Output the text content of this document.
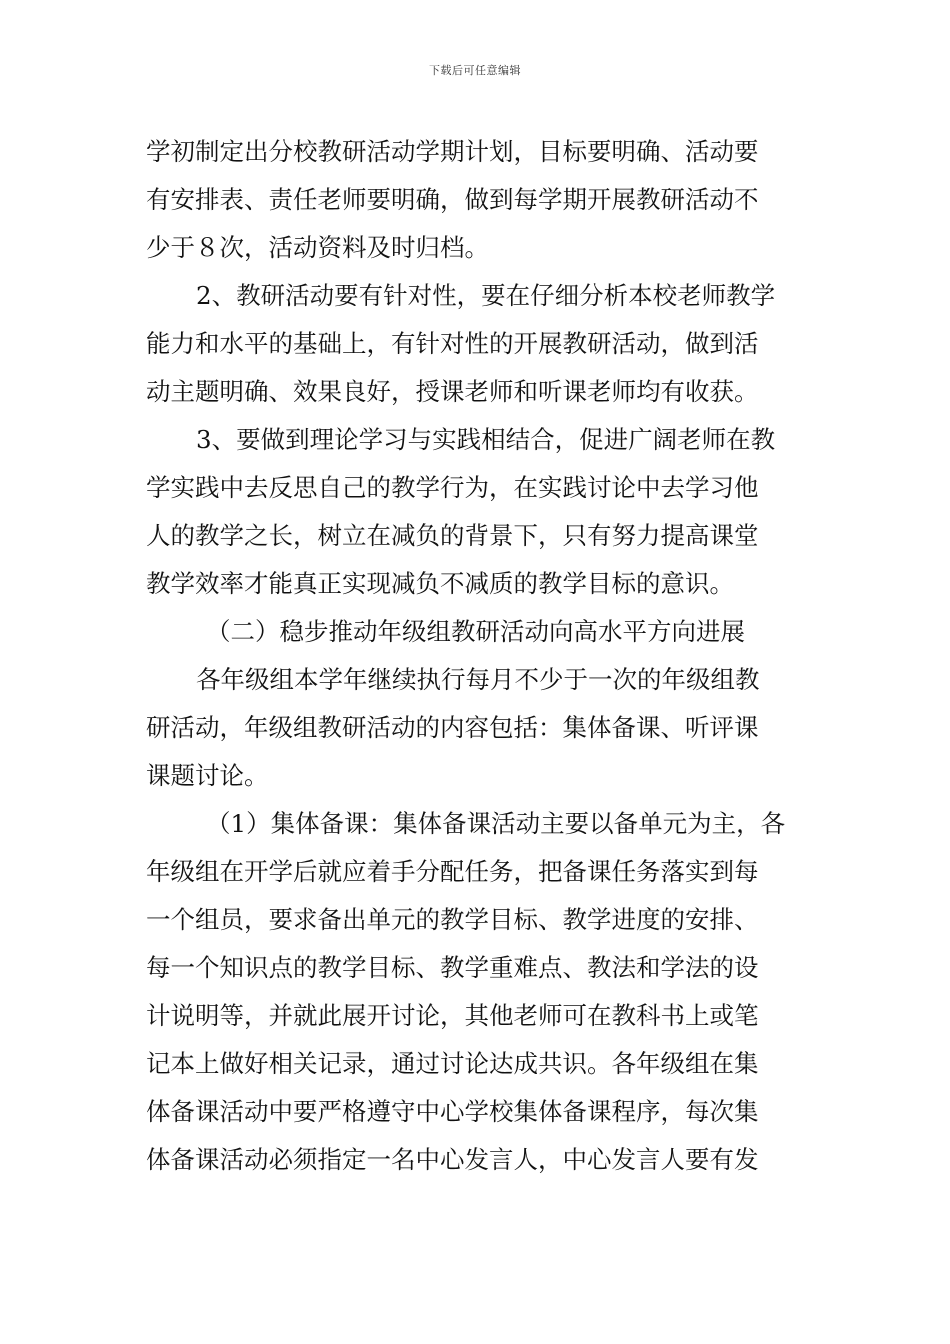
下载后可任意编辑
学初制定出分校教研活动学期计划，目标要明确、活动要
有安排表、责任老师要明确，做到每学期开展教研活动不
少于８次，活动资料及时归档。
2、教研活动要有针对性，要在仔细分析本校老师教学
能力和水平的基础上，有针对性的开展教研活动，做到活
动主题明确、效果良好，授课老师和听课老师均有收获。
3、要做到理论学习与实践相结合，促进广阔老师在教
学实践中去反思自己的教学行为，在实践讨论中去学习他
人的教学之长，树立在减负的背景下，只有努力提高课堂
教学效率才能真正实现减负不减质的教学目标的意识。
（二）稳步推动年级组教研活动向高水平方向进展
各年级组本学年继续执行每月不少于一次的年级组教
研活动，年级组教研活动的内容包括：集体备课、听评课
课题讨论。
（1）集体备课：集体备课活动主要以备单元为主，各
年级组在开学后就应着手分配任务，把备课任务落实到每
一个组员，要求备出单元的教学目标、教学进度的安排、
每一个知识点的教学目标、教学重难点、教法和学法的设
计说明等，并就此展开讨论，其他老师可在教科书上或笔
记本上做好相关记录，通过讨论达成共识。各年级组在集
体备课活动中要严格遵守中心学校集体备课程序，每次集
体备课活动必须指定一名中心发言人，中心发言人要有发
